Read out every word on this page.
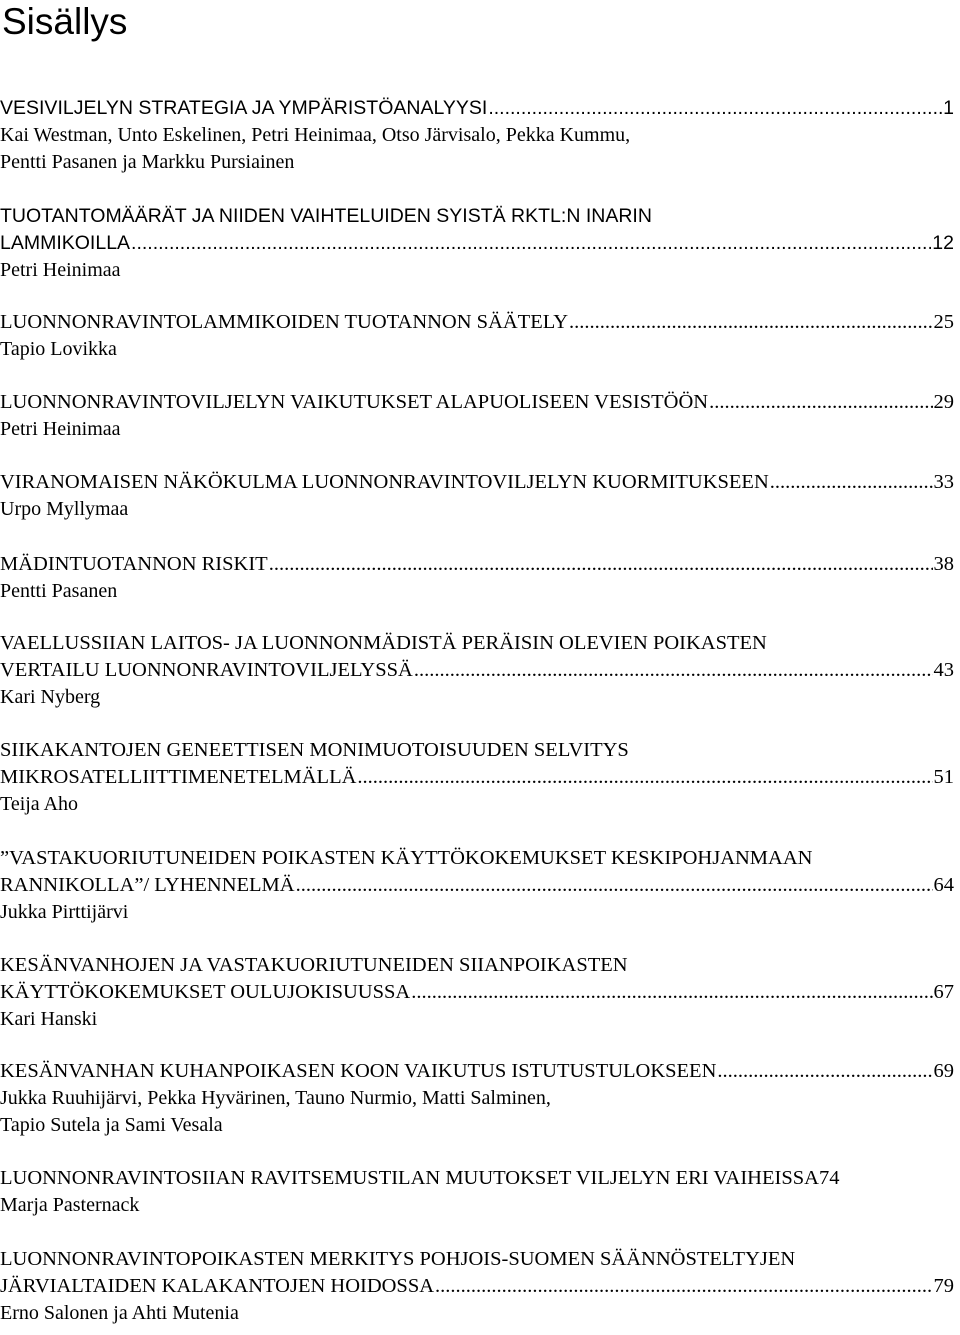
Sisällys
VESIVILJELYN STRATEGIA JA YMPÄRISTÖANALYYSI .....	1
Kai Westman, Unto Eskelinen, Petri Heinimaa, Otso Järvisalo, Pekka Kummu,
Pentti Pasanen ja Markku Pursiainen
TUOTANTOMÄÄRÄT JA NIIDEN VAIHTELUIDEN SYISTÄ RKTL:N INARIN
LAMMIKOILLA .....	12
Petri Heinimaa
LUONNONRAVINTOLAMMIKOIDEN TUOTANNON SÄÄTELY .....	25
Tapio Lovikka
LUONNONRAVINTOVILJELYN VAIKUTUKSET ALAPUOLISEEN VESISTÖÖN .....	29
Petri Heinimaa
VIRANOMAISEN NÄKÖKULMA LUONNONRAVINTOVILJELYN KUORMITUKSEEN .....	33
Urpo Myllymaa
MÄDINTUOTANNON RISKIT .....	38
Pentti Pasanen
VAELLUSSIIAN LAITOS- JA LUONNONMÄDISTÄ PERÄISIN OLEVIEN POIKASTEN
VERTAILU LUONNONRAVINTOVILJELYSSÄ .....	43
Kari Nyberg
SIIKAKANTOJEN GENEETTISEN MONIMUOTOISUUDEN SELVITYS
MIKROSATELLIITTIMENETELMÄLLÄ .....	51
Teija Aho
”VASTAKUORIUTUNEIDEN POIKASTEN KÄYTTÖKOKEMUKSET KESKIPOHJANMAAN
RANNIKOLLA”/ LYHENNELMÄ .....	64
Jukka Pirttijärvi
KESÄNVANHOJEN JA VASTAKUORIUTUNEIDEN SIIANPOIKASTEN
KÄYTTÖKOKEMUKSET OULUJOKISUUSSA .....	67
Kari Hanski
KESÄNVANHAN KUHANPOIKASEN KOON VAIKUTUS ISTUTUSTULOKSEEN .....	69
Jukka Ruuhijärvi, Pekka Hyvärinen, Tauno Nurmio, Matti Salminen,
Tapio Sutela ja Sami Vesala
LUONNONRAVINTOSIIAN RAVITSEMUSTILAN MUUTOKSET VILJELYN ERI VAIHEISSA 74
Marja Pasternack
LUONNONRAVINTOPOIKASTEN MERKITYS POHJOIS-SUOMEN SÄÄNNÖSTELTYJEN
JÄRVIALTAIDEN KALAKANTOJEN HOIDOSSA .....	79
Erno Salonen ja Ahti Mutenia
